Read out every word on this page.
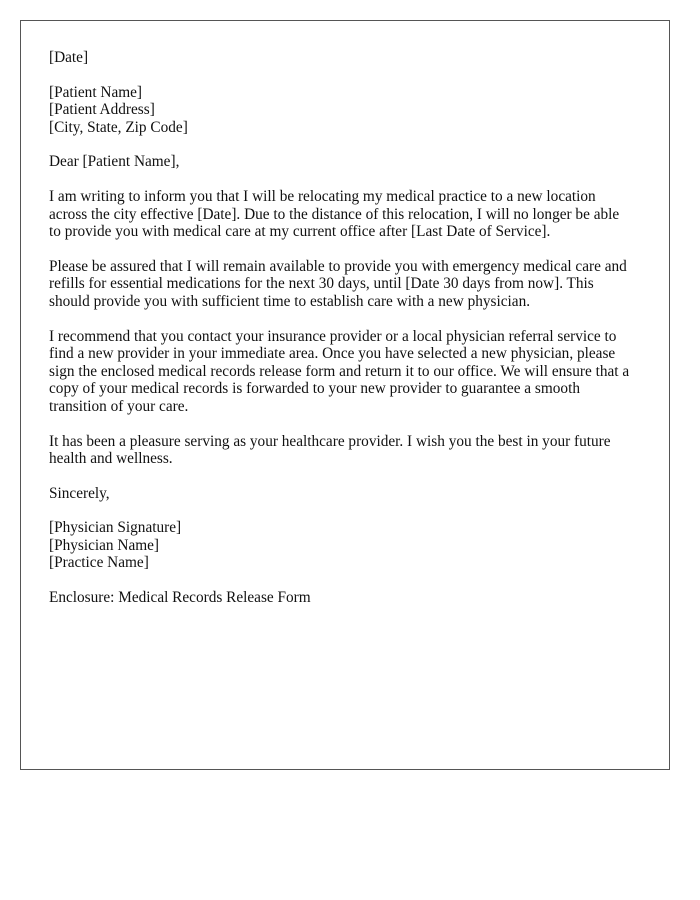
[Date]

[Patient Name]
[Patient Address]
[City, State, Zip Code]

Dear [Patient Name],

I am writing to inform you that I will be relocating my medical practice to a new location across the city effective [Date]. Due to the distance of this relocation, I will no longer be able to provide you with medical care at my current office after [Last Date of Service].

Please be assured that I will remain available to provide you with emergency medical care and refills for essential medications for the next 30 days, until [Date 30 days from now]. This should provide you with sufficient time to establish care with a new physician.

I recommend that you contact your insurance provider or a local physician referral service to find a new provider in your immediate area. Once you have selected a new physician, please sign the enclosed medical records release form and return it to our office. We will ensure that a copy of your medical records is forwarded to your new provider to guarantee a smooth transition of your care.

It has been a pleasure serving as your healthcare provider. I wish you the best in your future health and wellness.

Sincerely,

[Physician Signature]
[Physician Name]
[Practice Name]

Enclosure: Medical Records Release Form
